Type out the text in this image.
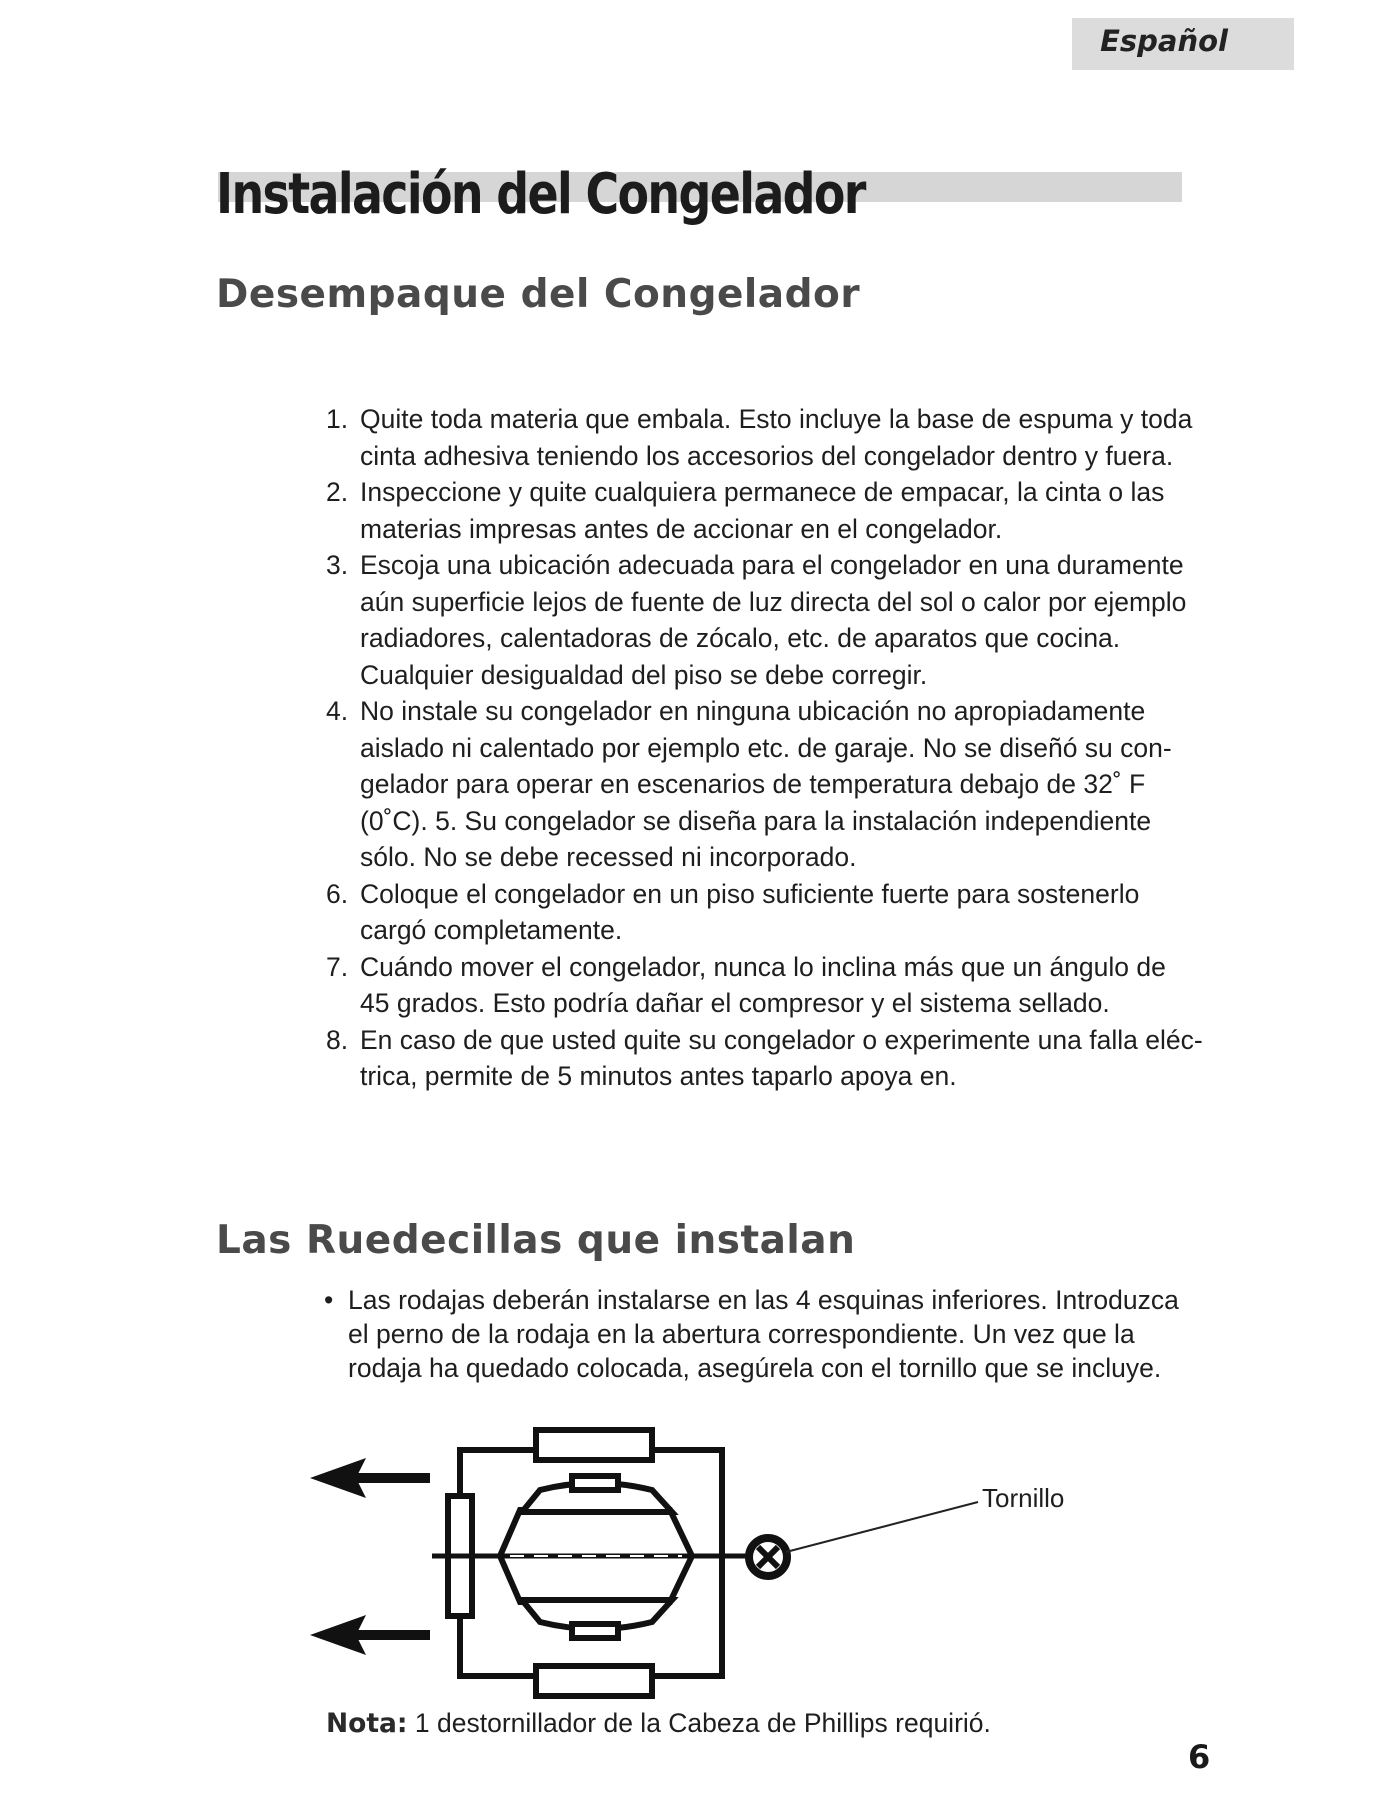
Español
Instalación del Congelador
Desempaque del Congelador
1. Quite toda materia que embala. Esto incluye la base de espuma y toda
cinta adhesiva teniendo los accesorios del congelador dentro y fuera.
2. Inspeccione y quite cualquiera permanece de empacar, la cinta o las
materias impresas antes de accionar en el congelador.
3. Escoja una ubicación adecuada para el congelador en una duramente
aún superficie lejos de fuente de luz directa del sol o calor por ejemplo
radiadores, calentadoras de zócalo, etc. de aparatos que cocina.
Cualquier desigualdad del piso se debe corregir.
4. No instale su congelador en ninguna ubicación no apropiadamente
aislado ni calentado por ejemplo etc. de garaje. No se diseñó su con-
gelador para operar en escenarios de temperatura debajo de 32˚ F
(0˚C). 5. Su congelador se diseña para la instalación independiente
sólo. No se debe recessed ni incorporado.
6. Coloque el congelador en un piso suficiente fuerte para sostenerlo
cargó completamente.
7. Cuándo mover el congelador, nunca lo inclina más que un ángulo de
45 grados. Esto podría dañar el compresor y el sistema sellado.
8. En caso de que usted quite su congelador o experimente una falla eléc-
trica, permite de 5 minutos antes taparlo apoya en.
Las Ruedecillas que instalan
• Las rodajas deberán instalarse en las 4 esquinas inferiores. Introduzca
el perno de la rodaja en la abertura correspondiente. Un vez que la
rodaja ha quedado colocada, asegúrela con el tornillo que se incluye.
Tornillo
Nota: 1 destornillador de la Cabeza de Phillips requirió.
6
